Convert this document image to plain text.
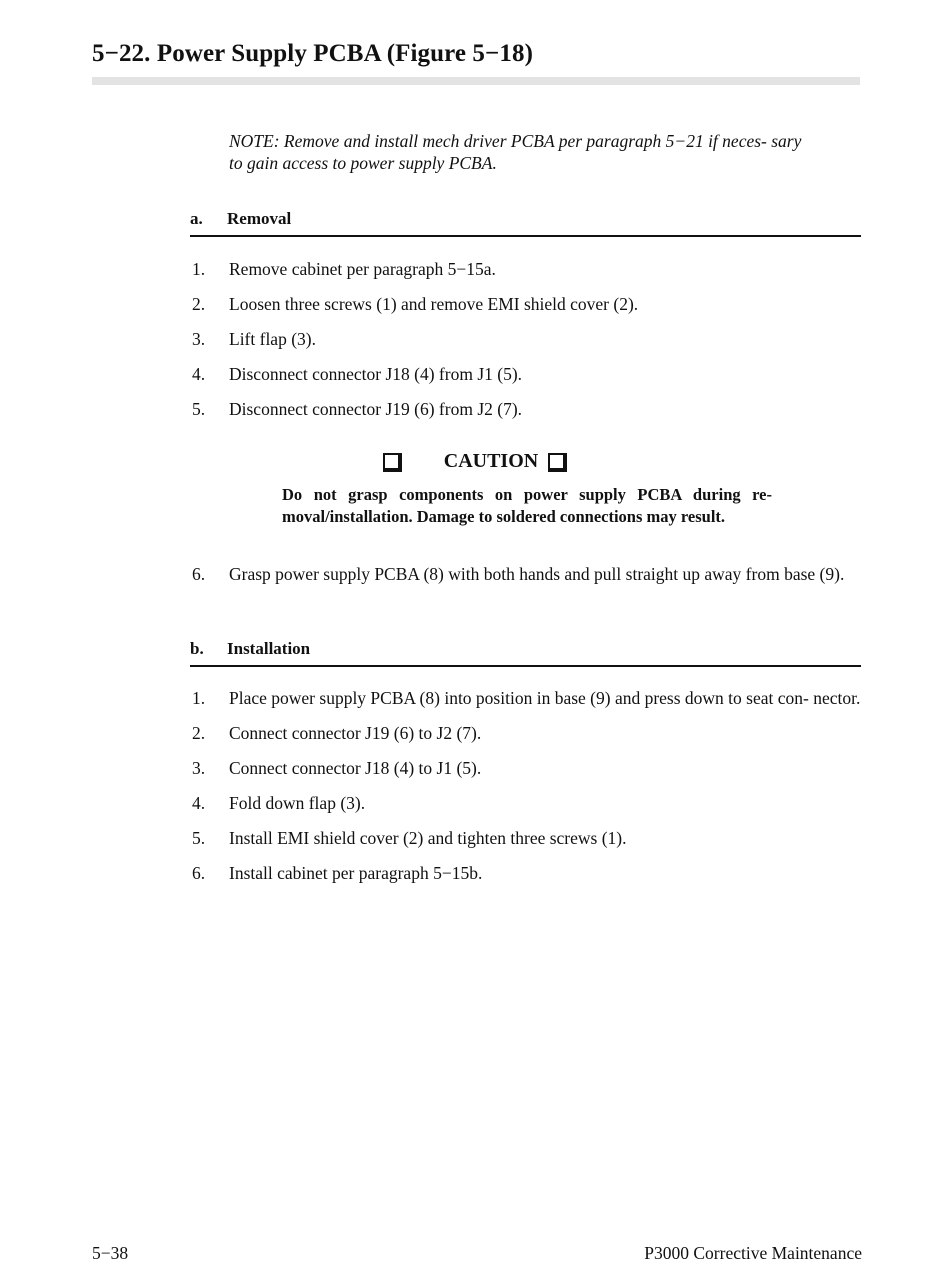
5−22. Power Supply PCBA (Figure 5−18)
NOTE: Remove and install mech driver PCBA per paragraph 5−21 if neces- sary to gain access to power supply PCBA.
a. Removal
1. Remove cabinet per paragraph 5−15a.
2. Loosen three screws (1) and remove EMI shield cover (2).
3. Lift flap (3).
4. Disconnect connector J18 (4) from J1 (5).
5. Disconnect connector J19 (6) from J2 (7).
CAUTION
Do not grasp components on power supply PCBA during re- moval/installation. Damage to soldered connections may result.
6. Grasp power supply PCBA (8) with both hands and pull straight up away from base (9).
b. Installation
1. Place power supply PCBA (8) into position in base (9) and press down to seat con- nector.
2. Connect connector J19 (6) to J2 (7).
3. Connect connector J18 (4) to J1 (5).
4. Fold down flap (3).
5. Install EMI shield cover (2) and tighten three screws (1).
6. Install cabinet per paragraph 5−15b.
5−38	P3000 Corrective Maintenance
